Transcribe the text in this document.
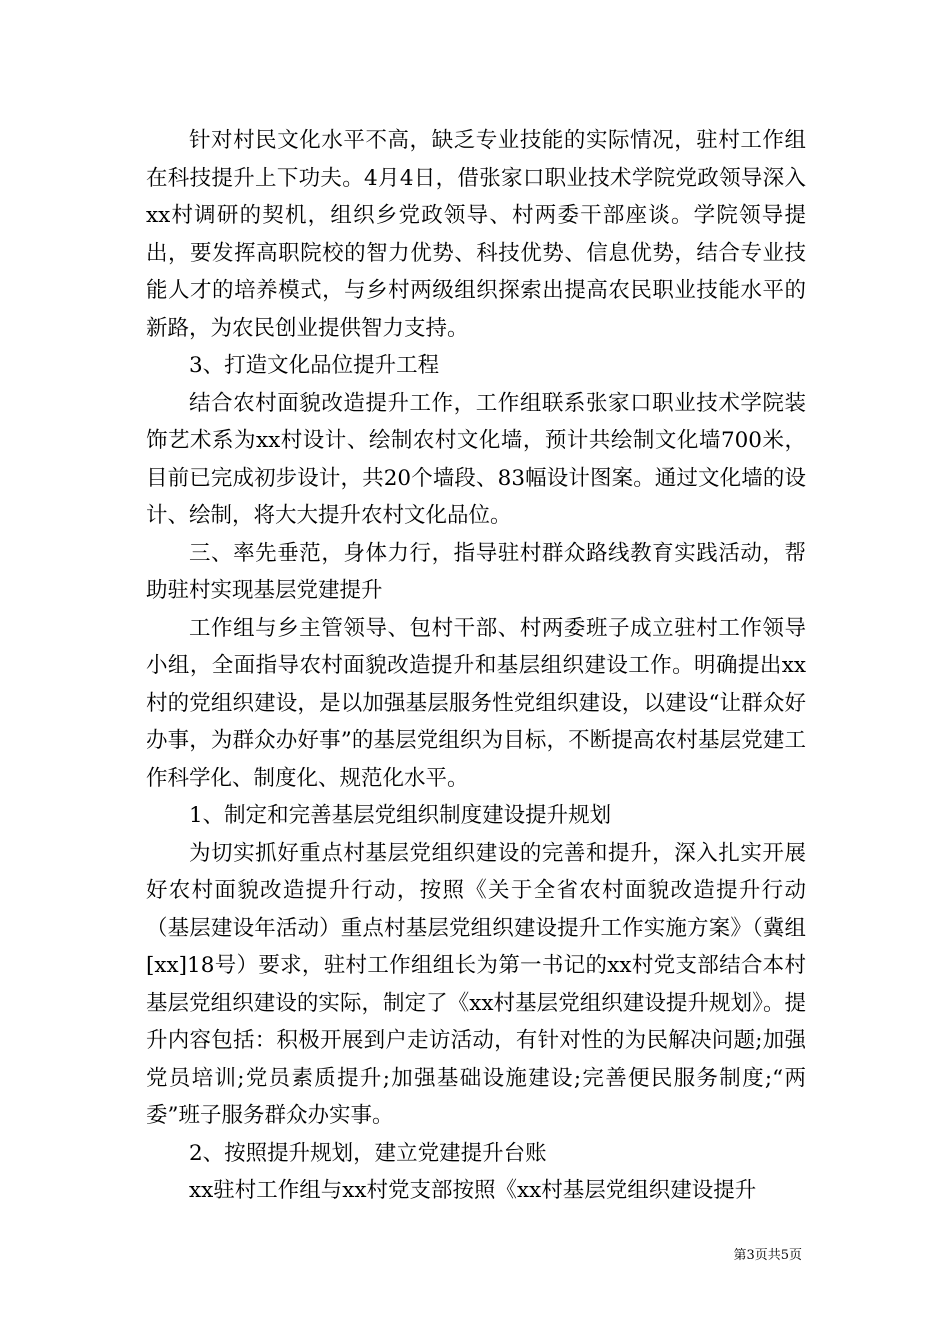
针对村民文化水平不高，缺乏专业技能的实际情况，驻村工作组在科技提升上下功夫。4月4日，借张家口职业技术学院党政领导深入xx村调研的契机，组织乡党政领导、村两委干部座谈。学院领导提出，要发挥高职院校的智力优势、科技优势、信息优势，结合专业技能人才的培养模式，与乡村两级组织探索出提高农民职业技能水平的新路，为农民创业提供智力支持。

3、打造文化品位提升工程

结合农村面貌改造提升工作，工作组联系张家口职业技术学院装饰艺术系为xx村设计、绘制农村文化墙，预计共绘制文化墙700米，目前已完成初步设计，共20个墙段、83幅设计图案。通过文化墙的设计、绘制，将大大提升农村文化品位。

三、率先垂范，身体力行，指导驻村群众路线教育实践活动，帮助驻村实现基层党建提升

工作组与乡主管领导、包村干部、村两委班子成立驻村工作领导小组，全面指导农村面貌改造提升和基层组织建设工作。明确提出xx村的党组织建设，是以加强基层服务性党组织建设，以建设“让群众好办事，为群众办好事”的基层党组织为目标，不断提高农村基层党建工作科学化、制度化、规范化水平。

1、制定和完善基层党组织制度建设提升规划

为切实抓好重点村基层党组织建设的完善和提升，深入扎实开展好农村面貌改造提升行动，按照《关于全省农村面貌改造提升行动（基层建设年活动）重点村基层党组织建设提升工作实施方案》（冀组[xx]18号）要求，驻村工作组组长为第一书记的xx村党支部结合本村基层党组织建设的实际，制定了《xx村基层党组织建设提升规划》。提升内容包括：积极开展到户走访活动，有针对性的为民解决问题;加强党员培训;党员素质提升;加强基础设施建设;完善便民服务制度;“两委”班子服务群众办实事。

2、按照提升规划，建立党建提升台账

xx驻村工作组与xx村党支部按照《xx村基层党组织建设提升

第3页共5页
